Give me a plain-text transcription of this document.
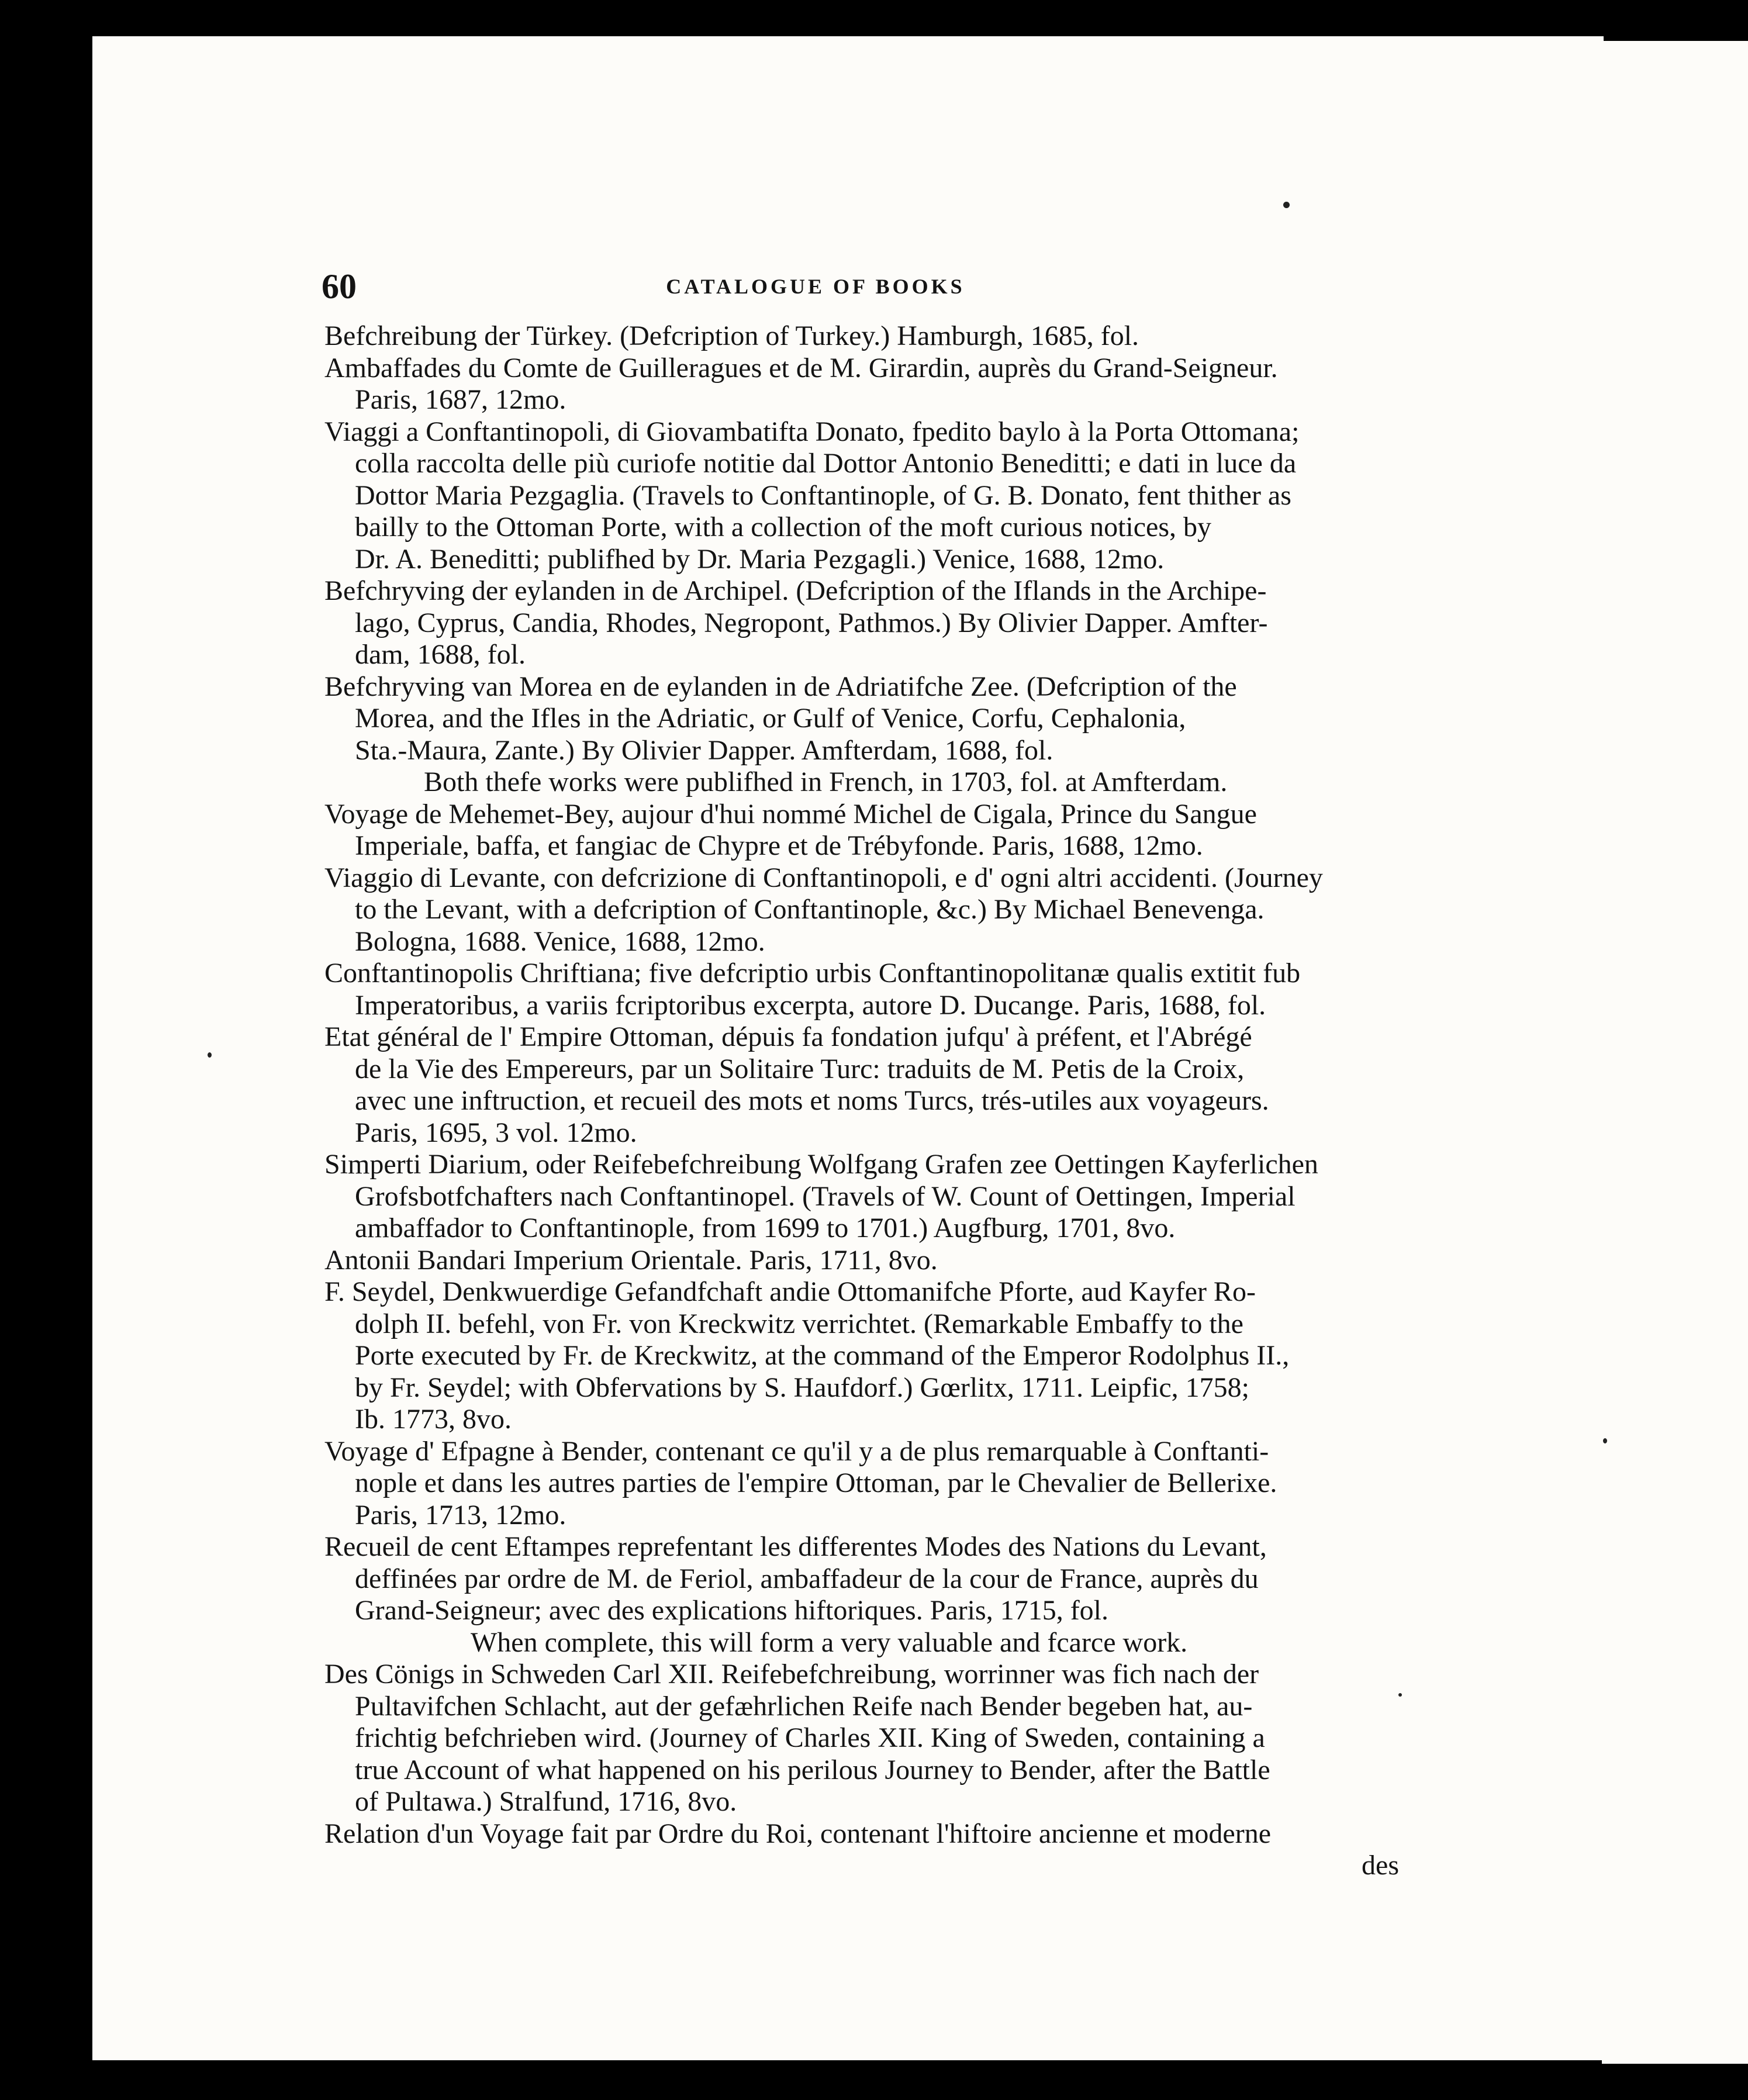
60	CATALOGUE OF BOOKS
Befchreibung der Türkey. (Defcription of Turkey.) Hamburgh, 1685, fol.
Ambaffades du Comte de Guilleragues et de M. Girardin, auprès du Grand-Seigneur.
Paris, 1687, 12mo.
Viaggi a Conftantinopoli, di Giovambatifta Donato, fpedito baylo à la Porta Ottomana;
colla raccolta delle più curiofe notitie dal Dottor Antonio Beneditti; e dati in luce da
Dottor Maria Pezgaglia. (Travels to Conftantinople, of G. B. Donato, fent thither as
bailly to the Ottoman Porte, with a collection of the moft curious notices, by
Dr. A. Beneditti; publifhed by Dr. Maria Pezgagli.) Venice, 1688, 12mo.
Befchryving der eylanden in de Archipel. (Defcription of the Iflands in the Archipe-
lago, Cyprus, Candia, Rhodes, Negropont, Pathmos.) By Olivier Dapper. Amfter-
dam, 1688, fol.
Befchryving van Morea en de eylanden in de Adriatifche Zee. (Defcription of the
Morea, and the Ifles in the Adriatic, or Gulf of Venice, Corfu, Cephalonia,
Sta.-Maura, Zante.) By Olivier Dapper. Amfterdam, 1688, fol.
Both thefe works were publifhed in French, in 1703, fol. at Amfterdam.
Voyage de Mehemet-Bey, aujour d'hui nommé Michel de Cigala, Prince du Sangue
Imperiale, baffa, et fangiac de Chypre et de Trébyfonde. Paris, 1688, 12mo.
Viaggio di Levante, con defcrizione di Conftantinopoli, e d' ogni altri accidenti. (Journey
to the Levant, with a defcription of Conftantinople, &c.) By Michael Benevenga.
Bologna, 1688. Venice, 1688, 12mo.
Conftantinopolis Chriftiana; five defcriptio urbis Conftantinopolitanæ qualis extitit fub
Imperatoribus, a variis fcriptoribus excerpta, autore D. Ducange. Paris, 1688, fol.
Etat général de l' Empire Ottoman, dépuis fa fondation jufqu' à préfent, et l'Abrégé
de la Vie des Empereurs, par un Solitaire Turc: traduits de M. Petis de la Croix,
avec une inftruction, et recueil des mots et noms Turcs, trés-utiles aux voyageurs.
Paris, 1695, 3 vol. 12mo.
Simperti Diarium, oder Reifebefchreibung Wolfgang Grafen zee Oettingen Kayferlichen
Grofsbotfchafters nach Conftantinopel. (Travels of W. Count of Oettingen, Imperial
ambaffador to Conftantinople, from 1699 to 1701.) Augfburg, 1701, 8vo.
Antonii Bandari Imperium Orientale. Paris, 1711, 8vo.
F. Seydel, Denkwuerdige Gefandfchaft andie Ottomanifche Pforte, aud Kayfer Ro-
dolph II. befehl, von Fr. von Kreckwitz verrichtet. (Remarkable Embaffy to the
Porte executed by Fr. de Kreckwitz, at the command of the Emperor Rodolphus II.,
by Fr. Seydel; with Obfervations by S. Haufdorf.) Gœrlitx, 1711. Leipfic, 1758;
Ib. 1773, 8vo.
Voyage d' Efpagne à Bender, contenant ce qu'il y a de plus remarquable à Conftanti-
nople et dans les autres parties de l'empire Ottoman, par le Chevalier de Bellerixe.
Paris, 1713, 12mo.
Recueil de cent Eftampes reprefentant les differentes Modes des Nations du Levant,
deffinées par ordre de M. de Feriol, ambaffadeur de la cour de France, auprès du
Grand-Seigneur; avec des explications hiftoriques. Paris, 1715, fol.
When complete, this will form a very valuable and fcarce work.
Des Cönigs in Schweden Carl XII. Reifebefchreibung, worrinner was fich nach der
Pultavifchen Schlacht, aut der gefæhrlichen Reife nach Bender begeben hat, au-
frichtig befchrieben wird. (Journey of Charles XII. King of Sweden, containing a
true Account of what happened on his perilous Journey to Bender, after the Battle
of Pultawa.) Stralfund, 1716, 8vo.
Relation d'un Voyage fait par Ordre du Roi, contenant l'hiftoire ancienne et moderne
des
